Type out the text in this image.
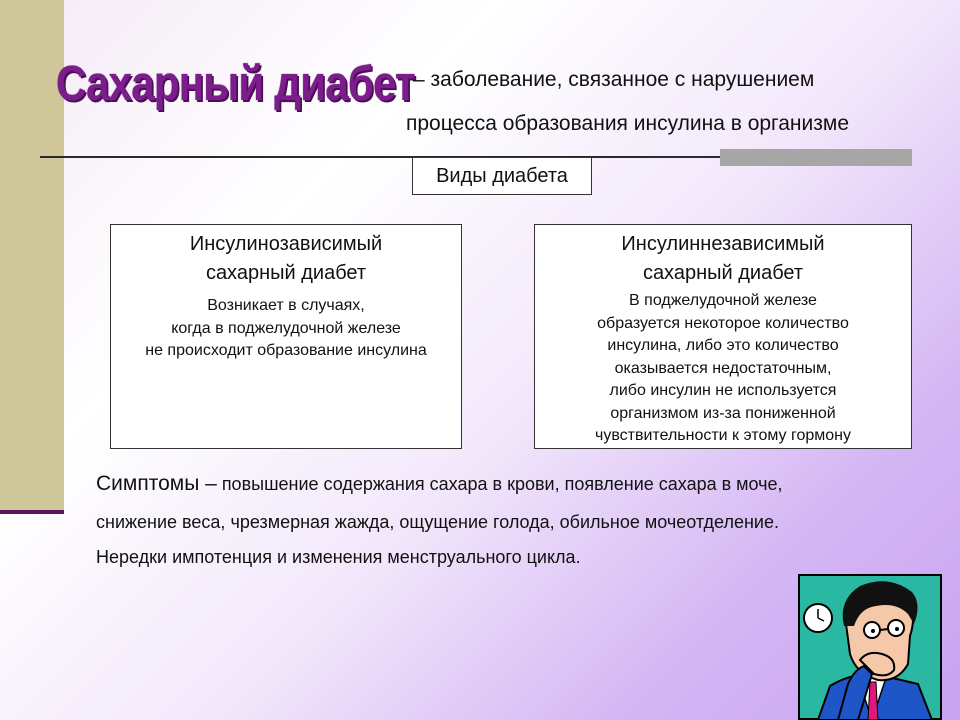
Сахарный диабет
– заболевание, связанное с нарушением
процесса образования инсулина в организме
Виды диабета
Инсулинозависимый
сахарный диабет
Возникает в случаях,
когда в поджелудочной железе
не происходит образование инсулина
Инсулиннезависимый
сахарный диабет
В поджелудочной железе
образуется некоторое количество
инсулина, либо это количество
оказывается недостаточным,
либо инсулин не используется
организмом из-за пониженной
чувствительности к этому гормону
Симптомы – повышение содержания сахара в крови, появление сахара в моче,
снижение веса, чрезмерная жажда, ощущение голода, обильное мочеотделение.
Нередки импотенция и изменения менструального цикла.
